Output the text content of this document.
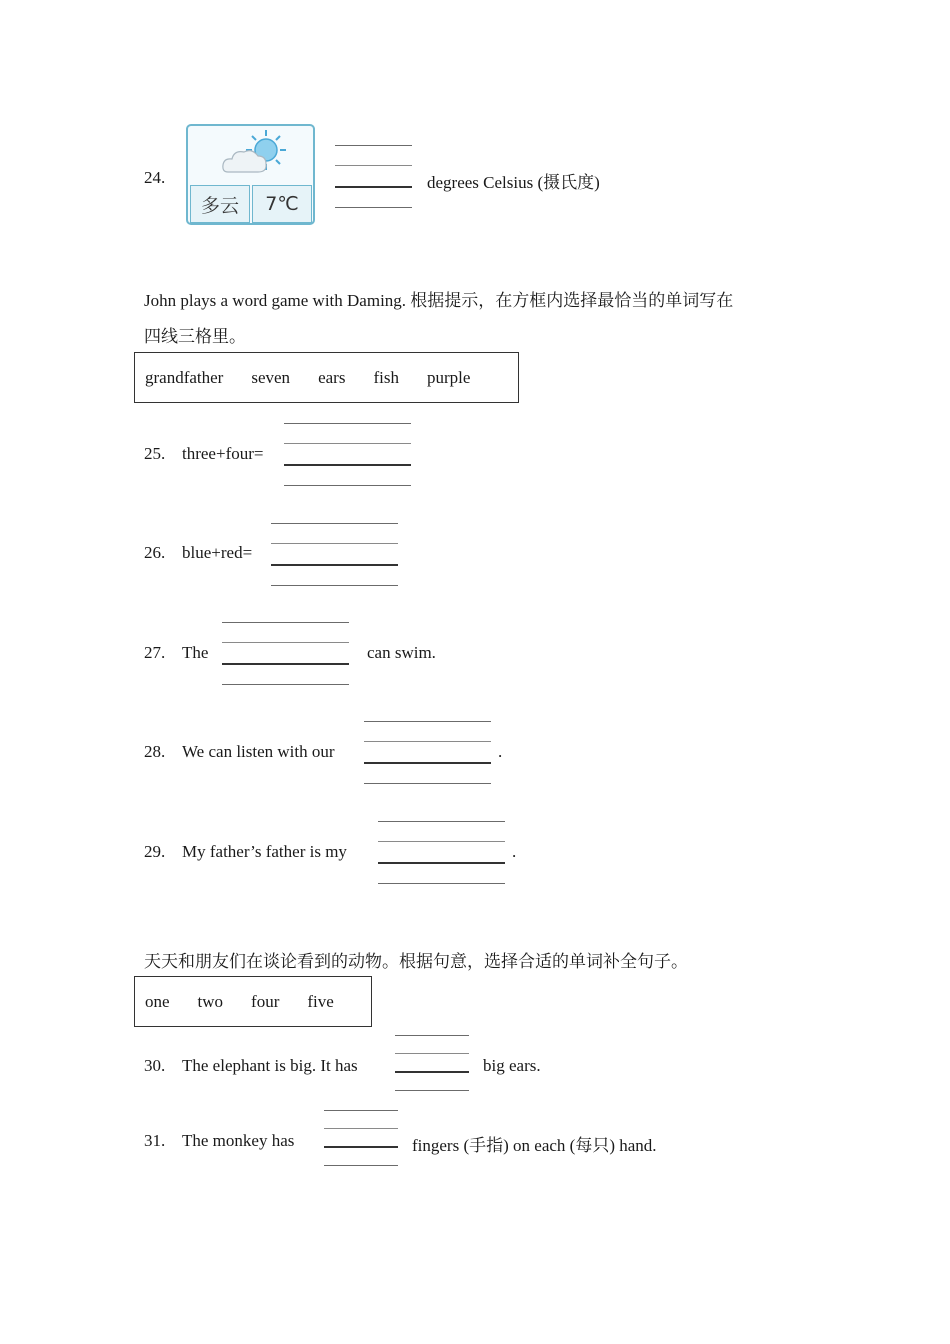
24.
多云	7℃
degrees Celsius (摄氏度)
John plays a word game with Daming. 根据提示，在方框内选择最恰当的单词写在
四线三格里。
grandfather seven ears fish purple
25. three+four=
26. blue+red=
27. The	can swim.
28. We can listen with our	.
29. My father’s father is my	.
天天和朋友们在谈论看到的动物。根据句意，选择合适的单词补全句子。
one two four five
30. The elephant is big. It has	big ears.
31. The monkey has	fingers (手指) on each (每只) hand.
